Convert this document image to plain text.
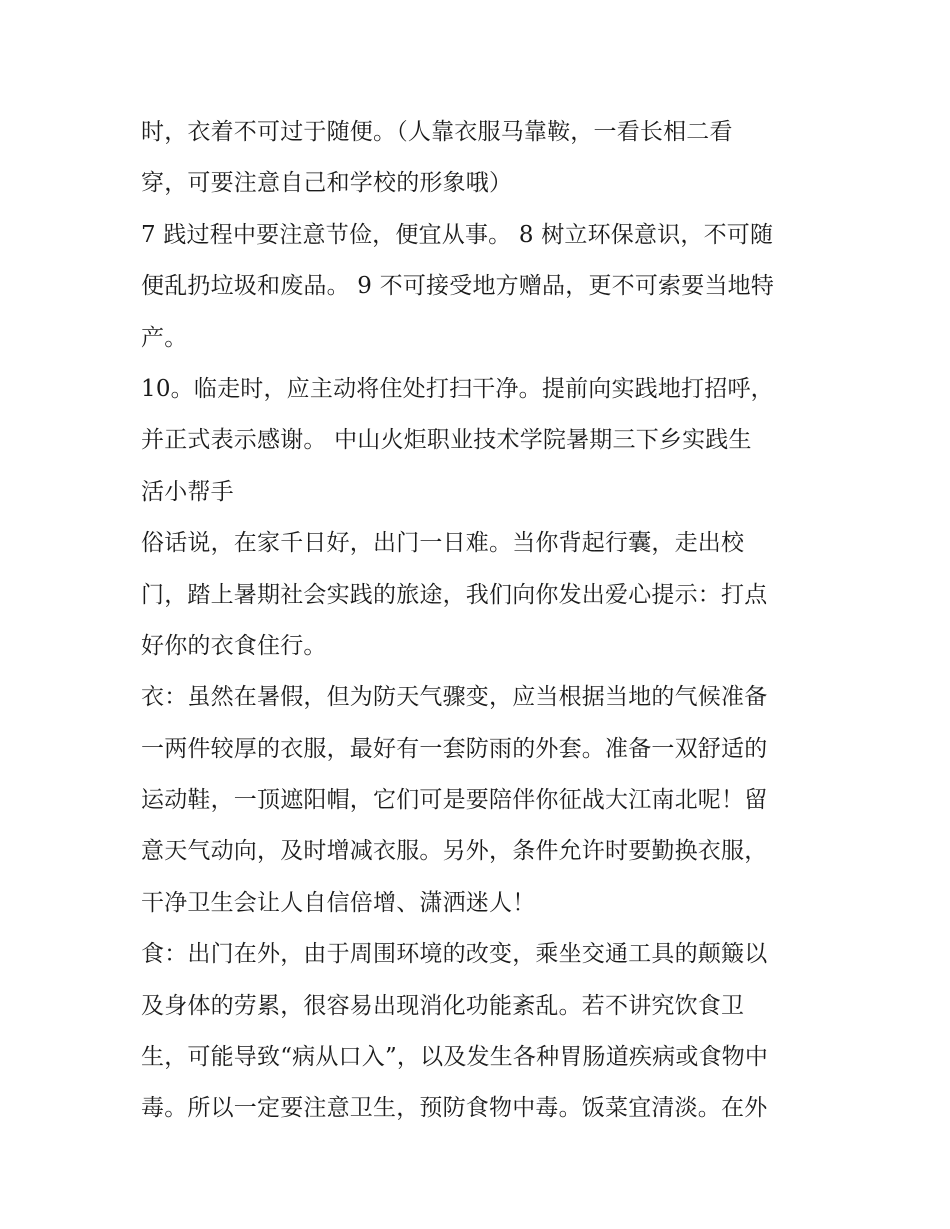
时，衣着不可过于随便。（人靠衣服马靠鞍，一看长相二看
穿，可要注意自己和学校的形象哦）
7 践过程中要注意节俭，便宜从事。 8 树立环保意识，不可随
便乱扔垃圾和废品。 9 不可接受地方赠品，更不可索要当地特
产。
10。临走时，应主动将住处打扫干净。提前向实践地打招呼，
并正式表示感谢。 中山火炬职业技术学院暑期三下乡实践生
活小帮手
俗话说，在家千日好，出门一日难。当你背起行囊，走出校
门，踏上暑期社会实践的旅途，我们向你发出爱心提示：打点
好你的衣食住行。
衣：虽然在暑假，但为防天气骤变，应当根据当地的气候准备
一两件较厚的衣服，最好有一套防雨的外套。准备一双舒适的
运动鞋，一顶遮阳帽，它们可是要陪伴你征战大江南北呢！留
意天气动向，及时增减衣服。另外，条件允许时要勤换衣服，
干净卫生会让人自信倍增、潇洒迷人！
食：出门在外，由于周围环境的改变，乘坐交通工具的颠簸以
及身体的劳累，很容易出现消化功能紊乱。若不讲究饮食卫
生，可能导致“病从口入”，以及发生各种胃肠道疾病或食物中
毒。所以一定要注意卫生，预防食物中毒。饭菜宜清淡。在外
